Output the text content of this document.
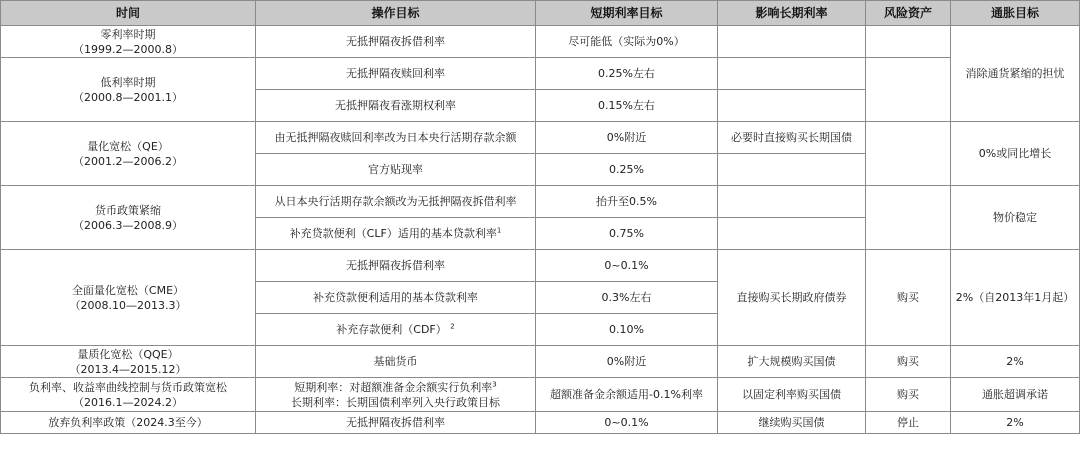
时间	操作目标	短期利率目标	影响长期利率	风险资产	通胀目标

零利率时期
（1999.2—2000.8）	无抵押隔夜拆借利率	尽可能低（实际为0%）			消除通货紧缩的担忧

低利率时期
（2000.8—2001.1）	无抵押隔夜赎回利率	0.25%左右			
	无抵押隔夜看涨期权利率	0.15%左右			

量化宽松（QE）
（2001.2—2006.2）	由无抵押隔夜赎回利率改为日本央行活期存款余额	0%附近	必要时直接购买长期国债		0%或同比增长
	官方贴现率	0.25%			

货币政策紧缩
（2006.3—2008.9）	从日本央行活期存款余额改为无抵押隔夜拆借利率	抬升至0.5%			物价稳定
	补充贷款便利（CLF）适用的基本贷款利率$^1$	0.75%			

全面量化宽松（CME）
（2008.10—2013.3）	无抵押隔夜拆借利率	0~0.1%	直接购买长期政府债券	购买	2%（自2013年1月起）
	补充贷款便利适用的基本贷款利率	0.3%左右			
	补充存款便利（CDF） $^2$	0.10%			

量质化宽松（QQE）
（2013.4—2015.12）	基础货币	0%附近	扩大规模购买国债	购买	2%

负利率、收益率曲线控制与货币政策宽松
（2016.1—2024.2）	短期利率：对超额准备金余额实行负利率$^3$
长期利率：长期国债利率列入央行政策目标	超额准备金余额适用-0.1%利率	以固定利率购买国债	购买	通胀超调承诺

放弃负利率政策（2024.3至今）	无抵押隔夜拆借利率	0~0.1%	继续购买国债	停止	2%
